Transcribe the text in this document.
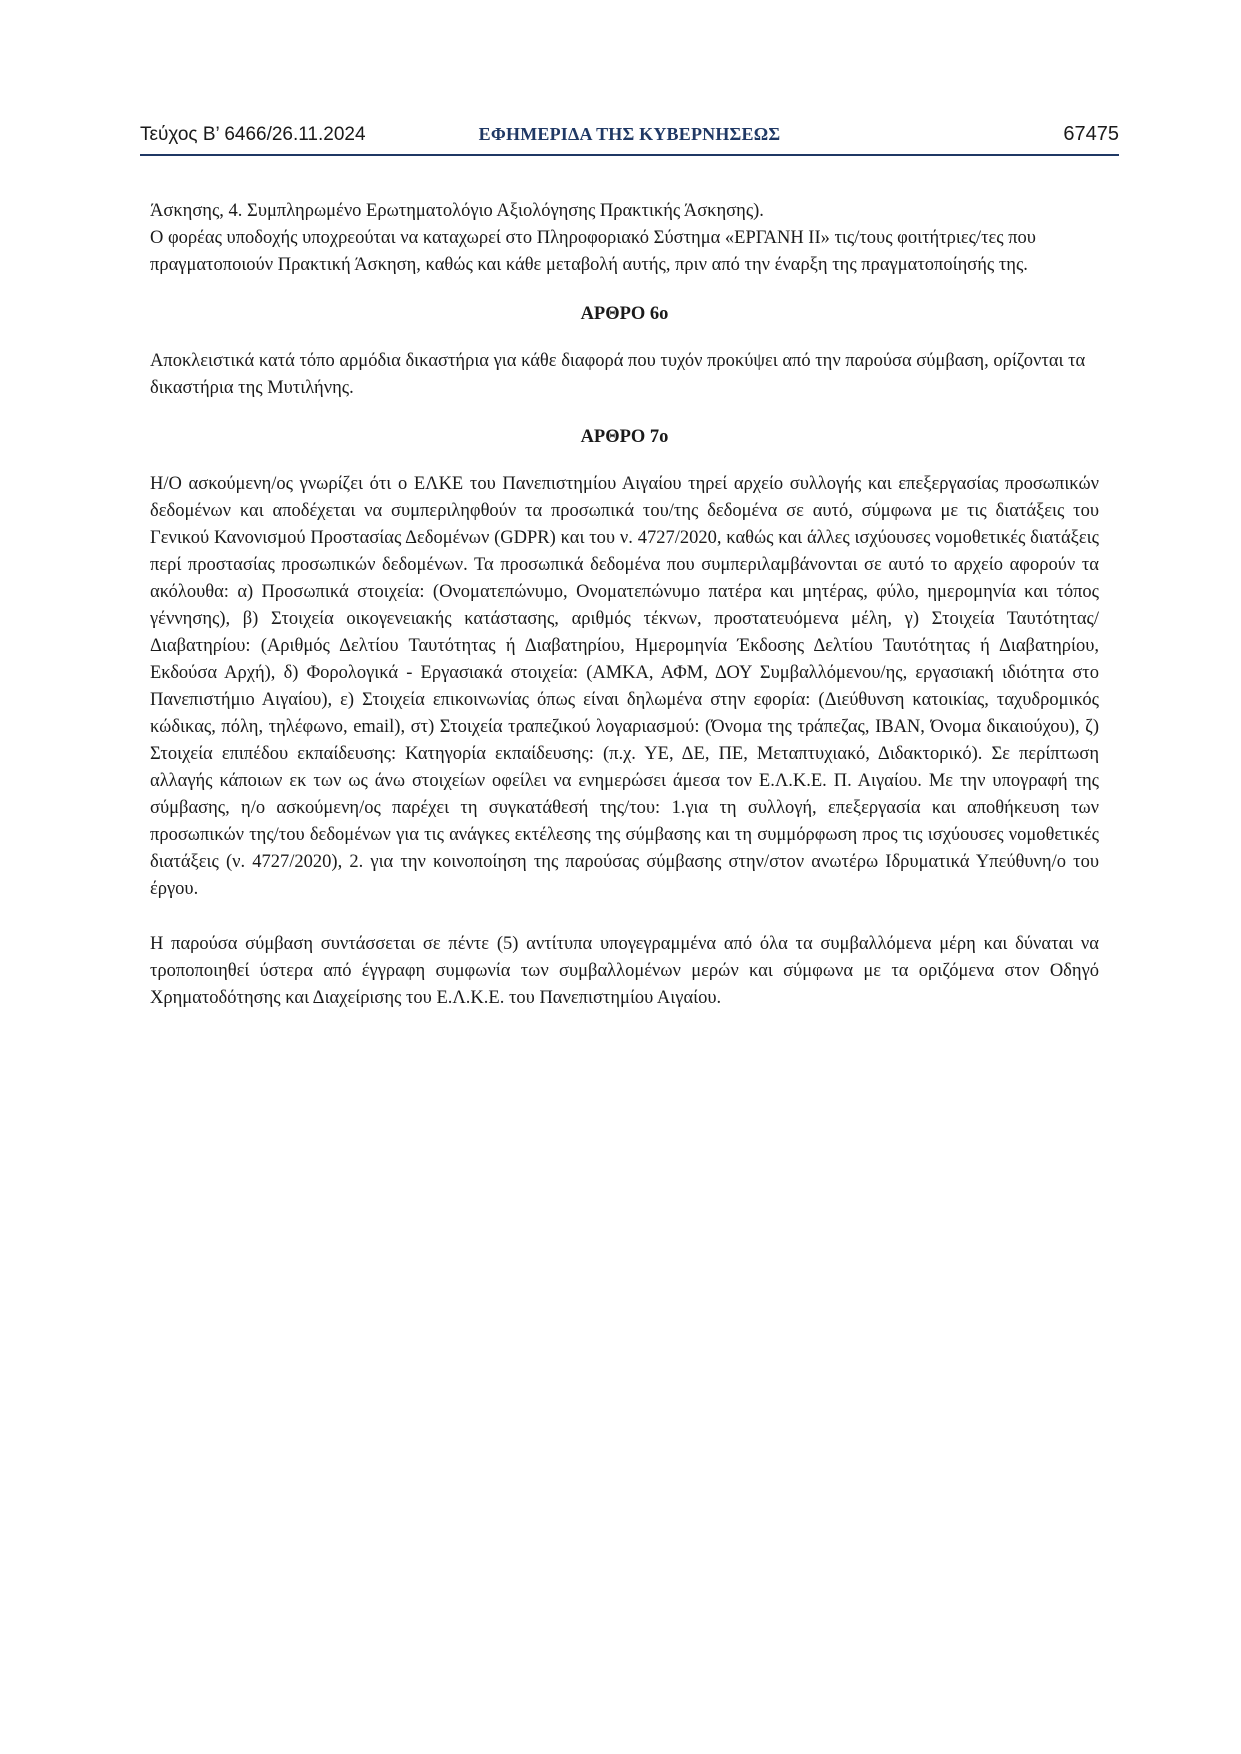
Τεύχος Β’ 6466/26.11.2024	ΕΦΗΜΕΡΙΔΑ ΤΗΣ ΚΥΒΕΡΝΗΣΕΩΣ	67475

Άσκησης, 4. Συμπληρωμένο Ερωτηματολόγιο Αξιολόγησης Πρακτικής Άσκησης).

Ο φορέας υποδοχής υποχρεούται να καταχωρεί στο Πληροφοριακό Σύστημα «ΕΡΓΑΝΗ ΙΙ» τις/τους φοιτήτριες/τες που πραγματοποιούν Πρακτική Άσκηση, καθώς και κάθε μεταβολή αυτής, πριν από την έναρξη της πραγματοποίησής της.

ΑΡΘΡΟ 6ο

Αποκλειστικά κατά τόπο αρμόδια δικαστήρια για κάθε διαφορά που τυχόν προκύψει από την παρούσα σύμβαση, ορίζονται τα δικαστήρια της Μυτιλήνης.

ΑΡΘΡΟ 7ο

Η/Ο ασκούμενη/ος γνωρίζει ότι ο ΕΛΚΕ του Πανεπιστημίου Αιγαίου τηρεί αρχείο συλλογής και επεξεργασίας προσωπικών δεδομένων και αποδέχεται να συμπεριληφθούν τα προσωπικά του/της δεδομένα σε αυτό, σύμφωνα με τις διατάξεις του Γενικού Κανονισμού Προστασίας Δεδομένων (GDPR) και του ν. 4727/2020, καθώς και άλλες ισχύουσες νομοθετικές διατάξεις περί προστασίας προσωπικών δεδομένων. Τα προσωπικά δεδομένα που συμπεριλαμβάνονται σε αυτό το αρχείο αφορούν τα ακόλουθα: α) Προσωπικά στοιχεία: (Ονοματεπώνυμο, Ονοματεπώνυμο πατέρα και μητέρας, φύλο, ημερομηνία και τόπος γέννησης), β) Στοιχεία οικογενειακής κατάστασης, αριθμός τέκνων, προστατευόμενα μέλη, γ) Στοιχεία Ταυτότητας/Διαβατηρίου: (Αριθμός Δελτίου Ταυτότητας ή Διαβατηρίου, Ημερομηνία Έκδοσης Δελτίου Ταυτότητας ή Διαβατηρίου, Εκδούσα Αρχή), δ) Φορολογικά - Εργασιακά στοιχεία: (ΑΜΚΑ, ΑΦΜ, ΔΟΥ Συμβαλλόμενου/ης, εργασιακή ιδιότητα στο Πανεπιστήμιο Αιγαίου), ε) Στοιχεία επικοινωνίας όπως είναι δηλωμένα στην εφορία: (Διεύθυνση κατοικίας, ταχυδρομικός κώδικας, πόλη, τηλέφωνο, email), στ) Στοιχεία τραπεζικού λογαριασμού: (Όνομα της τράπεζας, IBAN, Όνομα δικαιούχου), ζ) Στοιχεία επιπέδου εκπαίδευσης: Κατηγορία εκπαίδευσης: (π.χ. ΥΕ, ΔΕ, ΠΕ, Μεταπτυχιακό, Διδακτορικό). Σε περίπτωση αλλαγής κάποιων εκ των ως άνω στοιχείων οφείλει να ενημερώσει άμεσα τον Ε.Λ.Κ.Ε. Π. Αιγαίου. Με την υπογραφή της σύμβασης, η/ο ασκούμενη/ος παρέχει τη συγκατάθεσή της/του: 1.για τη συλλογή, επεξεργασία και αποθήκευση των προσωπικών της/του δεδομένων για τις ανάγκες εκτέλεσης της σύμβασης και τη συμμόρφωση προς τις ισχύουσες νομοθετικές διατάξεις (ν. 4727/2020), 2. για την κοινοποίηση της παρούσας σύμβασης στην/στον ανωτέρω Ιδρυματικά Υπεύθυνη/ο του έργου.

Η παρούσα σύμβαση συντάσσεται σε πέντε (5) αντίτυπα υπογεγραμμένα από όλα τα συμβαλλόμενα μέρη και δύναται να τροποποιηθεί ύστερα από έγγραφη συμφωνία των συμβαλλομένων μερών και σύμφωνα με τα οριζόμενα στον Οδηγό Χρηματοδότησης και Διαχείρισης του Ε.Λ.Κ.Ε. του Πανεπιστημίου Αιγαίου.
